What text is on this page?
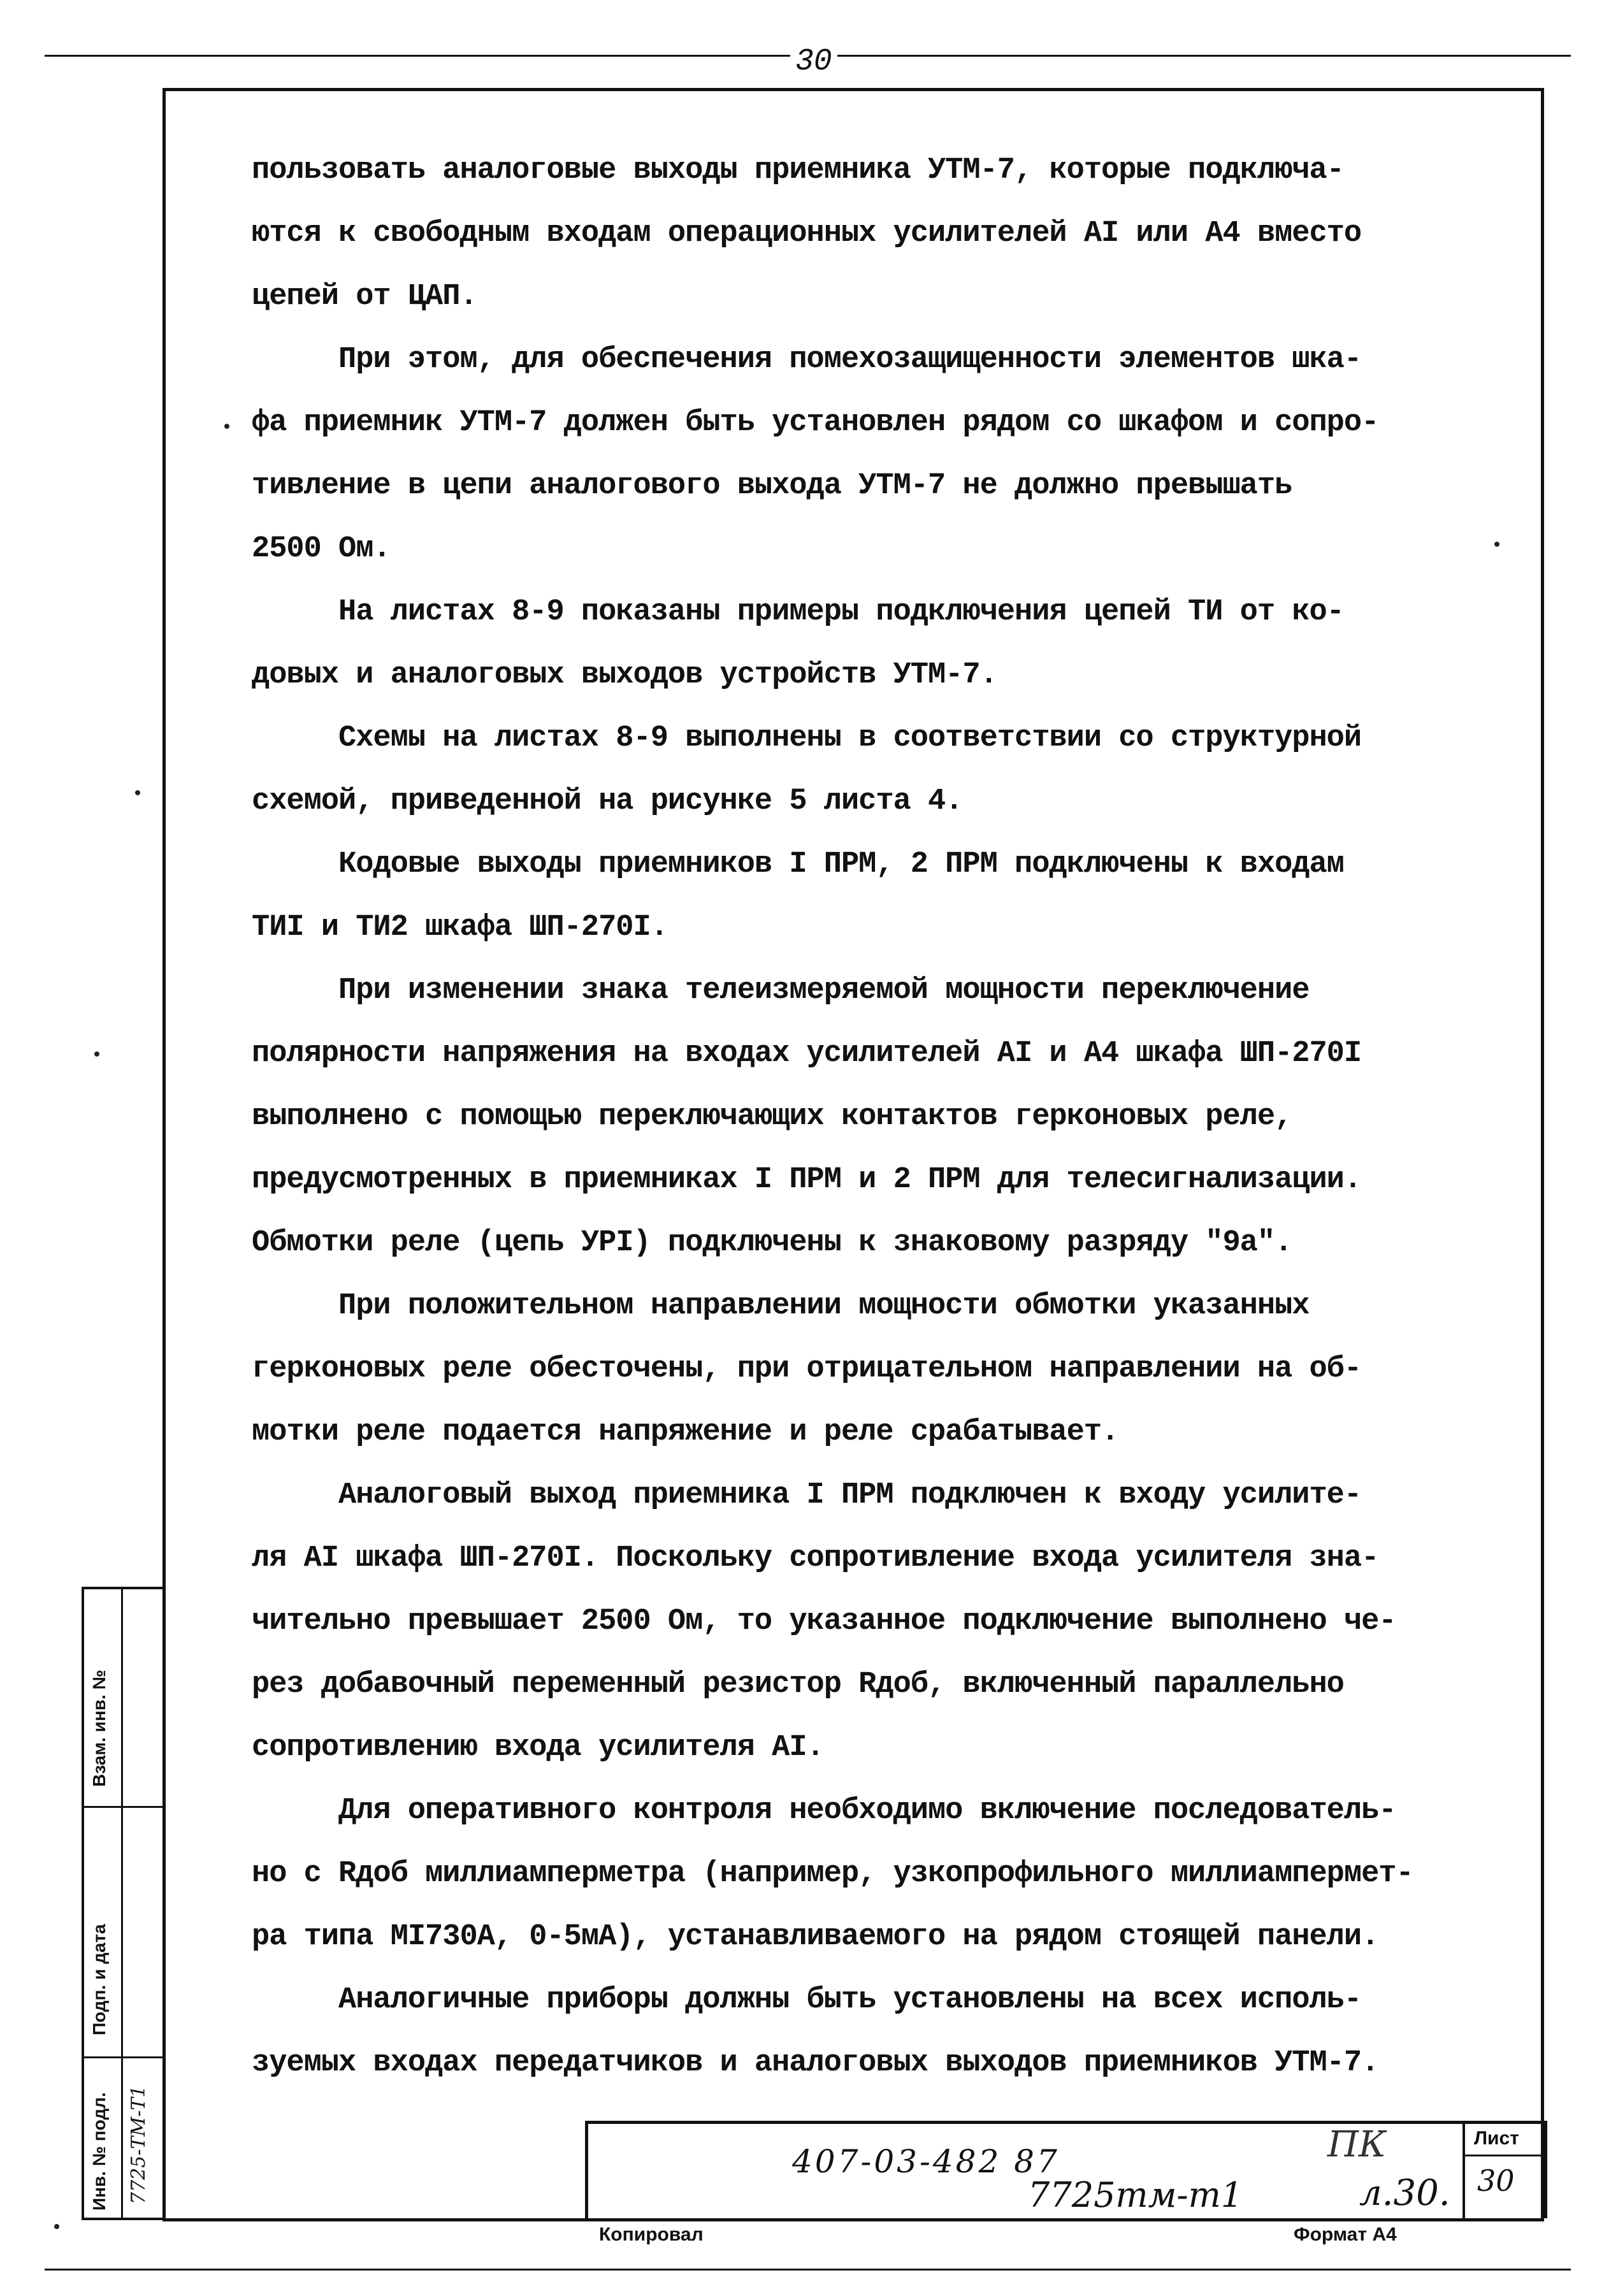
30
пользовать аналоговые выходы приемника УТМ-7, которые подключа-
ются к свободным входам операционных усилителей АI или А4 вместо
цепей от ЦАП.
При этом, для обеспечения помехозащищенности элементов шка-
фа приемник УТМ-7 должен быть установлен рядом со шкафом и сопро-
тивление в цепи аналогового выхода УТМ-7 не должно превышать
2500 Ом.
На листах 8-9 показаны примеры подключения цепей ТИ от ко-
довых и аналоговых выходов устройств УТМ-7.
Схемы на листах 8-9 выполнены в соответствии со структурной
схемой, приведенной на рисунке 5 листа 4.
Кодовые выходы приемников I ПРМ, 2 ПРМ подключены к входам
ТИI и ТИ2 шкафа ШП-270I.
При изменении знака телеизмеряемой мощности переключение
полярности напряжения на входах усилителей АI и А4 шкафа ШП-270I
выполнено с помощью переключающих контактов герконовых реле,
предусмотренных в приемниках I ПРМ и 2 ПРМ для телесигнализации.
Обмотки реле (цепь УРI) подключены к знаковому разряду "9а".
При положительном направлении мощности обмотки указанных
герконовых реле обесточены, при отрицательном направлении на об-
мотки реле подается напряжение и реле срабатывает.
Аналоговый выход приемника I ПРМ подключен к входу усилите-
ля АI шкафа ШП-270I. Поскольку сопротивление входа усилителя зна-
чительно превышает 2500 Ом, то указанное подключение выполнено че-
рез добавочный переменный резистор Rдоб, включенный параллельно
сопротивлению входа усилителя АI.
Для оперативного контроля необходимо включение последователь-
но с Rдоб миллиамперметра (например, узкопрофильного миллиампермет-
ра типа МI730А, 0-5мА), устанавливаемого на рядом стоящей панели.
Аналогичные приборы должны быть установлены на всех исполь-
зуемых входах передатчиков и аналоговых выходов приемников УТМ-7.
Взам. инв. №
Подп. и дата
Инв. № подл. 7725-ТМ-Т1	407-03-482 87
7725тм-т1
ПК
л.30.
Лист
30
Копировал	Формат А4
